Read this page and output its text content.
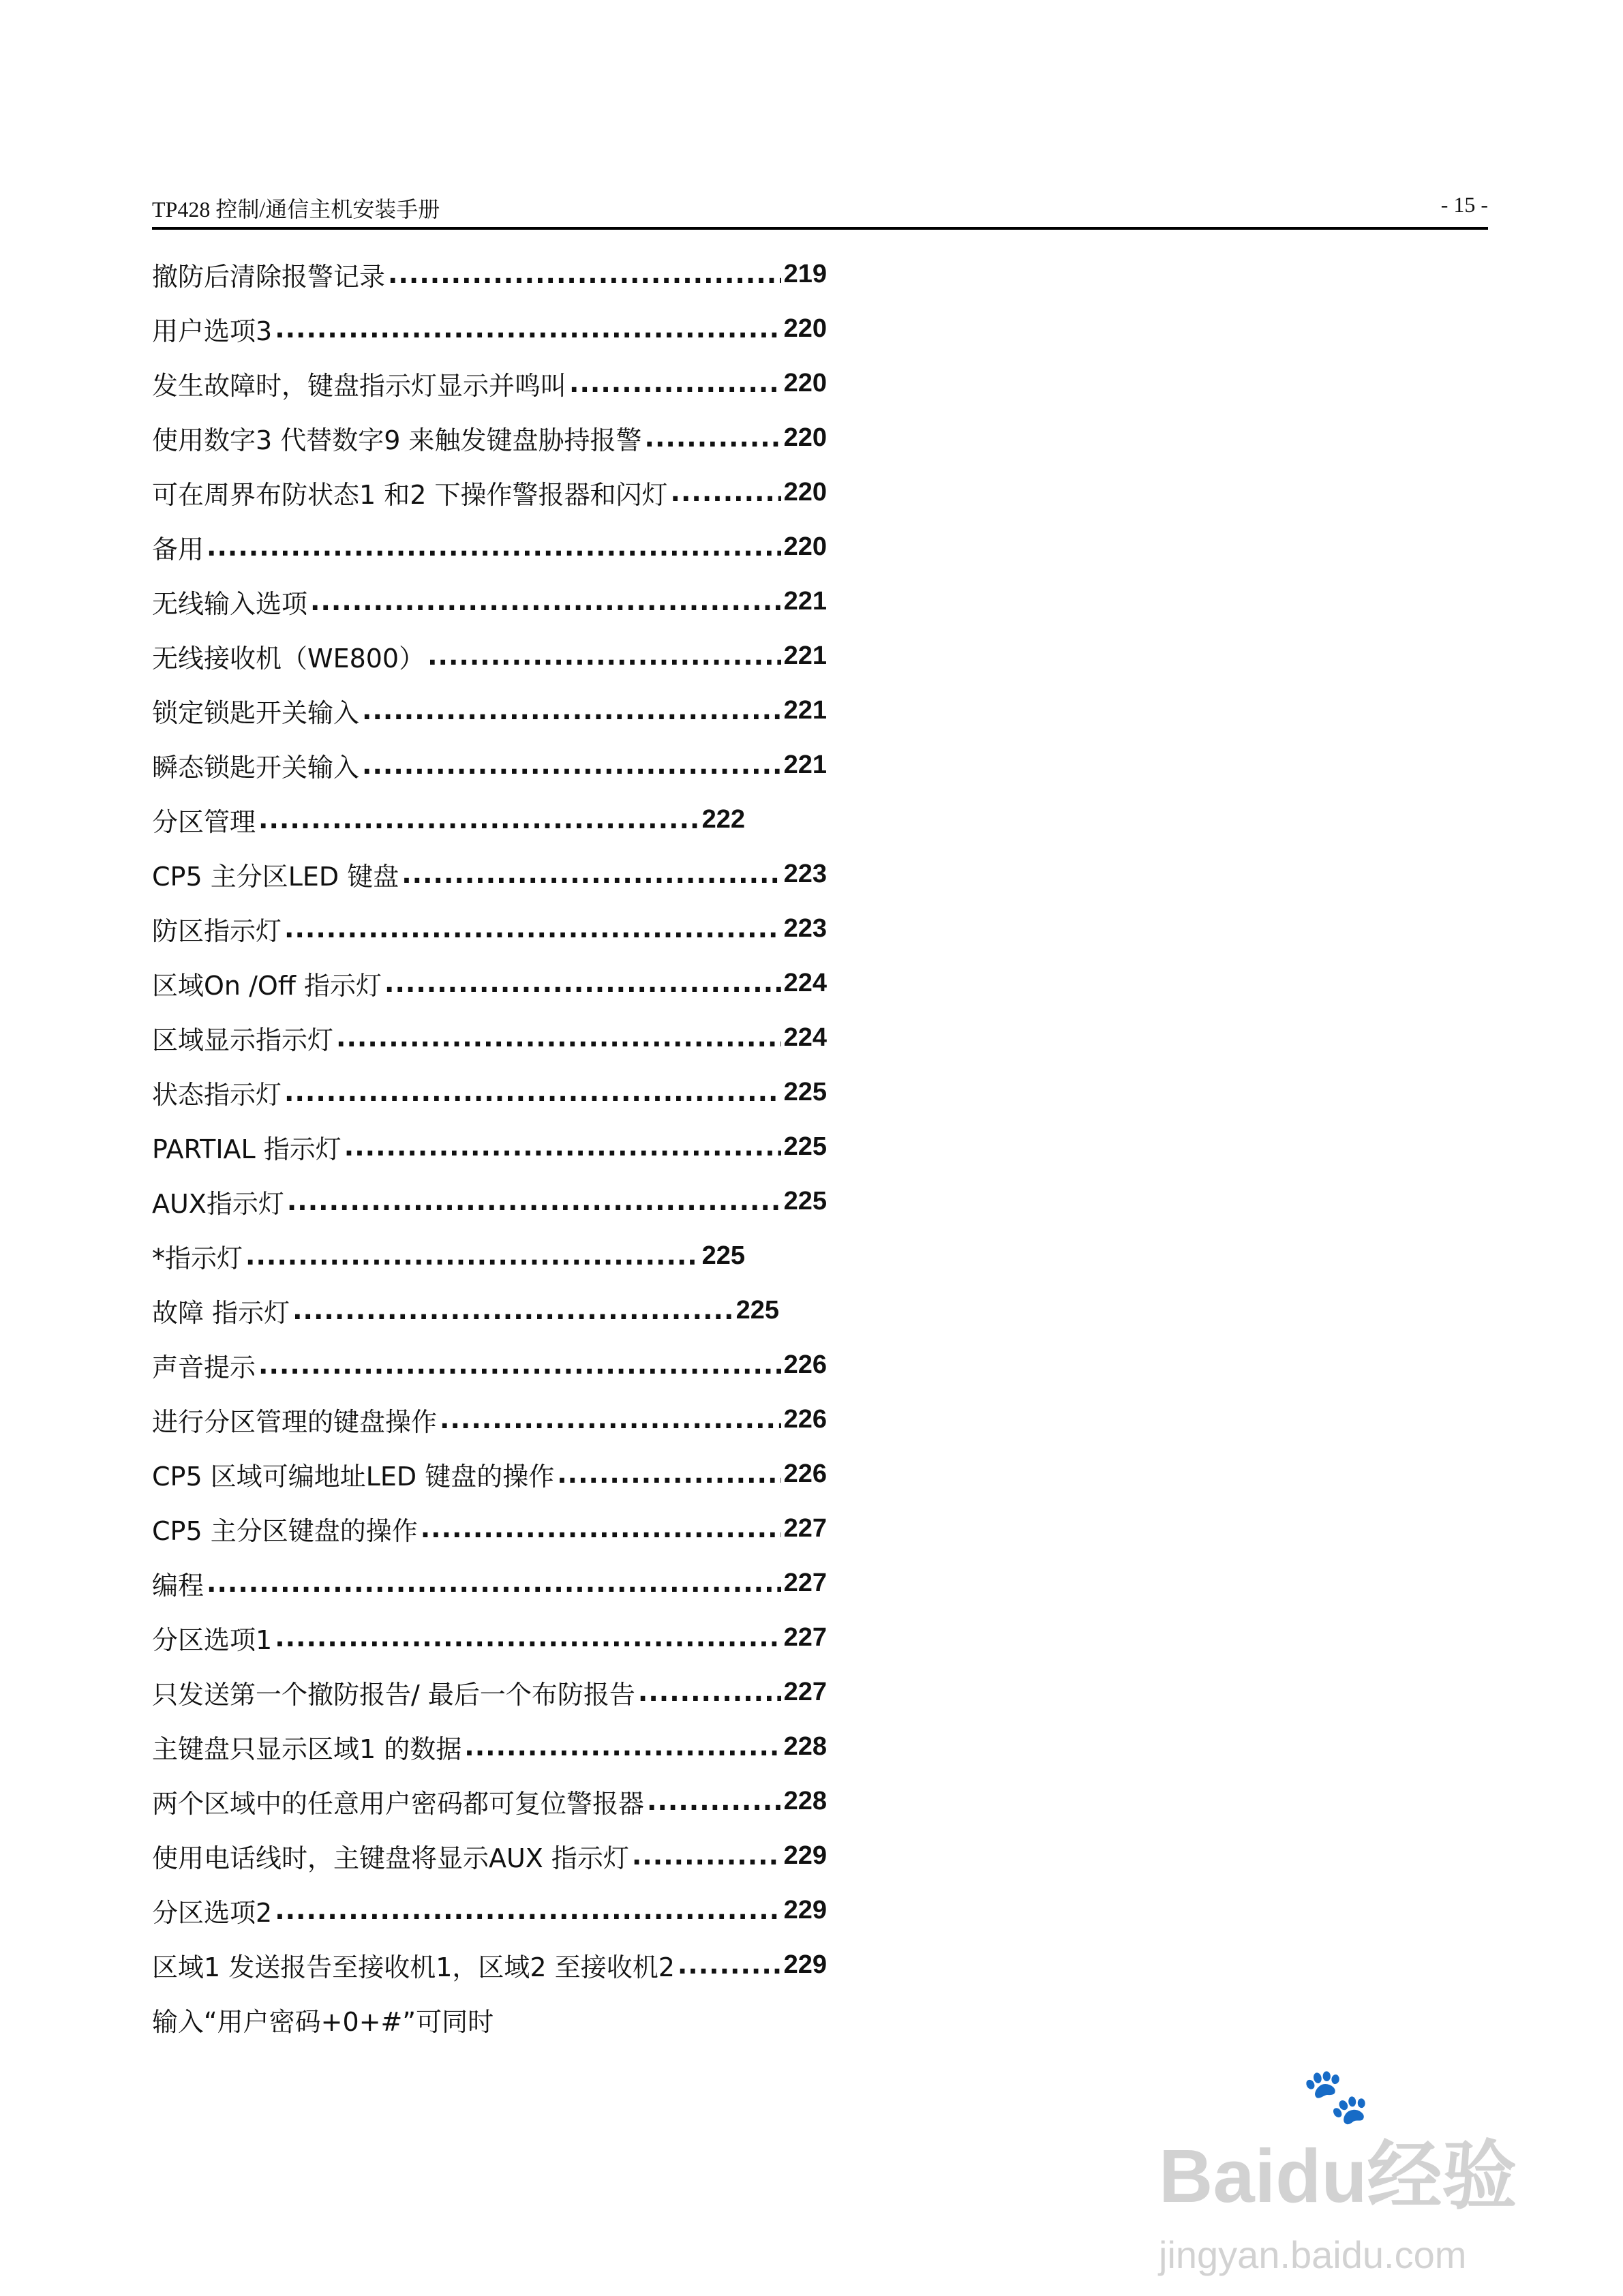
TP428 控制/通信主机安装手册	- 15 -
撤防后清除报警记录 .....	219
用户选项3 .....	220
发生故障时，键盘指示灯显示并鸣叫 .....	220
使用数字3 代替数字9 来触发键盘胁持报警 .....	220
可在周界布防状态1 和2 下操作警报器和闪灯 .....	220
备用 .....	220
无线输入选项 .....	221
无线接收机（WE800） .....	221
锁定锁匙开关输入 .....	221
瞬态锁匙开关输入 .....	221
分区管理 .....	222
CP5 主分区LED 键盘 .....	223
防区指示灯 .....	223
区域On /Off 指示灯 .....	224
区域显示指示灯 .....	224
状态指示灯 .....	225
PARTIAL 指示灯 .....	225
AUX指示灯 .....	225
*指示灯 .....	225
故障 指示灯 .....	225
声音提示 .....	226
进行分区管理的键盘操作 .....	226
CP5 区域可编地址LED 键盘的操作 .....	226
CP5 主分区键盘的操作 .....	227
编程 .....	227
分区选项1 .....	227
只发送第一个撤防报告/ 最后一个布防报告 .....	227
主键盘只显示区域1 的数据 .....	228
两个区域中的任意用户密码都可复位警报器 .....	228
使用电话线时，主键盘将显示AUX 指示灯 .....	229
分区选项2 .....	229
区域1 发送报告至接收机1，区域2 至接收机2 .....	229
输入“用户密码+0+#”可同时
🐾
Baidu经验
jingyan.baidu.com
